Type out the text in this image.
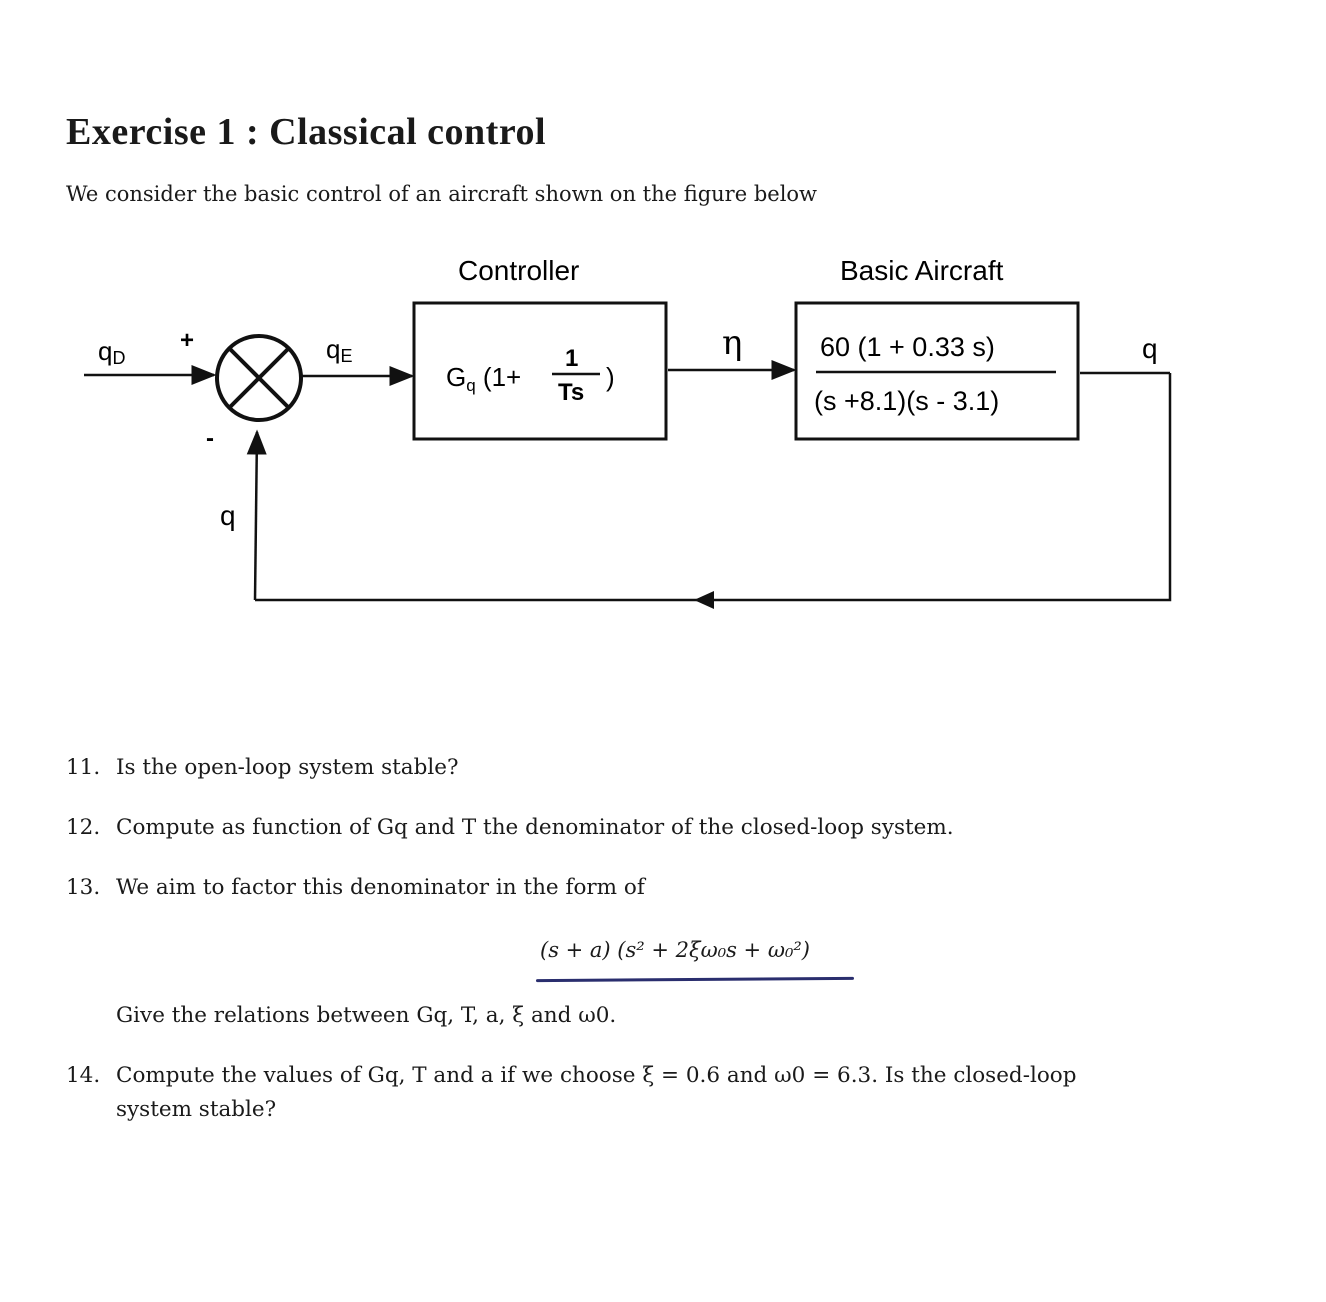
Exercise 1 : Classical control
We consider the basic control of an aircraft shown on the figure below
Controller	Basic Aircraft
qD
+
-
qE
Gq (1+
1
Ts
)
η	60 (1 + 0.33 s)
(s +8.1)(s - 3.1)
q
q
11. Is the open-loop system stable?
12. Compute as function of Gq and T the denominator of the closed-loop system.
13. We aim to factor this denominator in the form of
(s + a) (s² + 2ξω₀s + ω₀²)
Give the relations between Gq, T, a, ξ and ω0.
14. Compute the values of Gq, T and a if we choose ξ = 0.6 and ω0 = 6.3. Is the closed-loop
system stable?
